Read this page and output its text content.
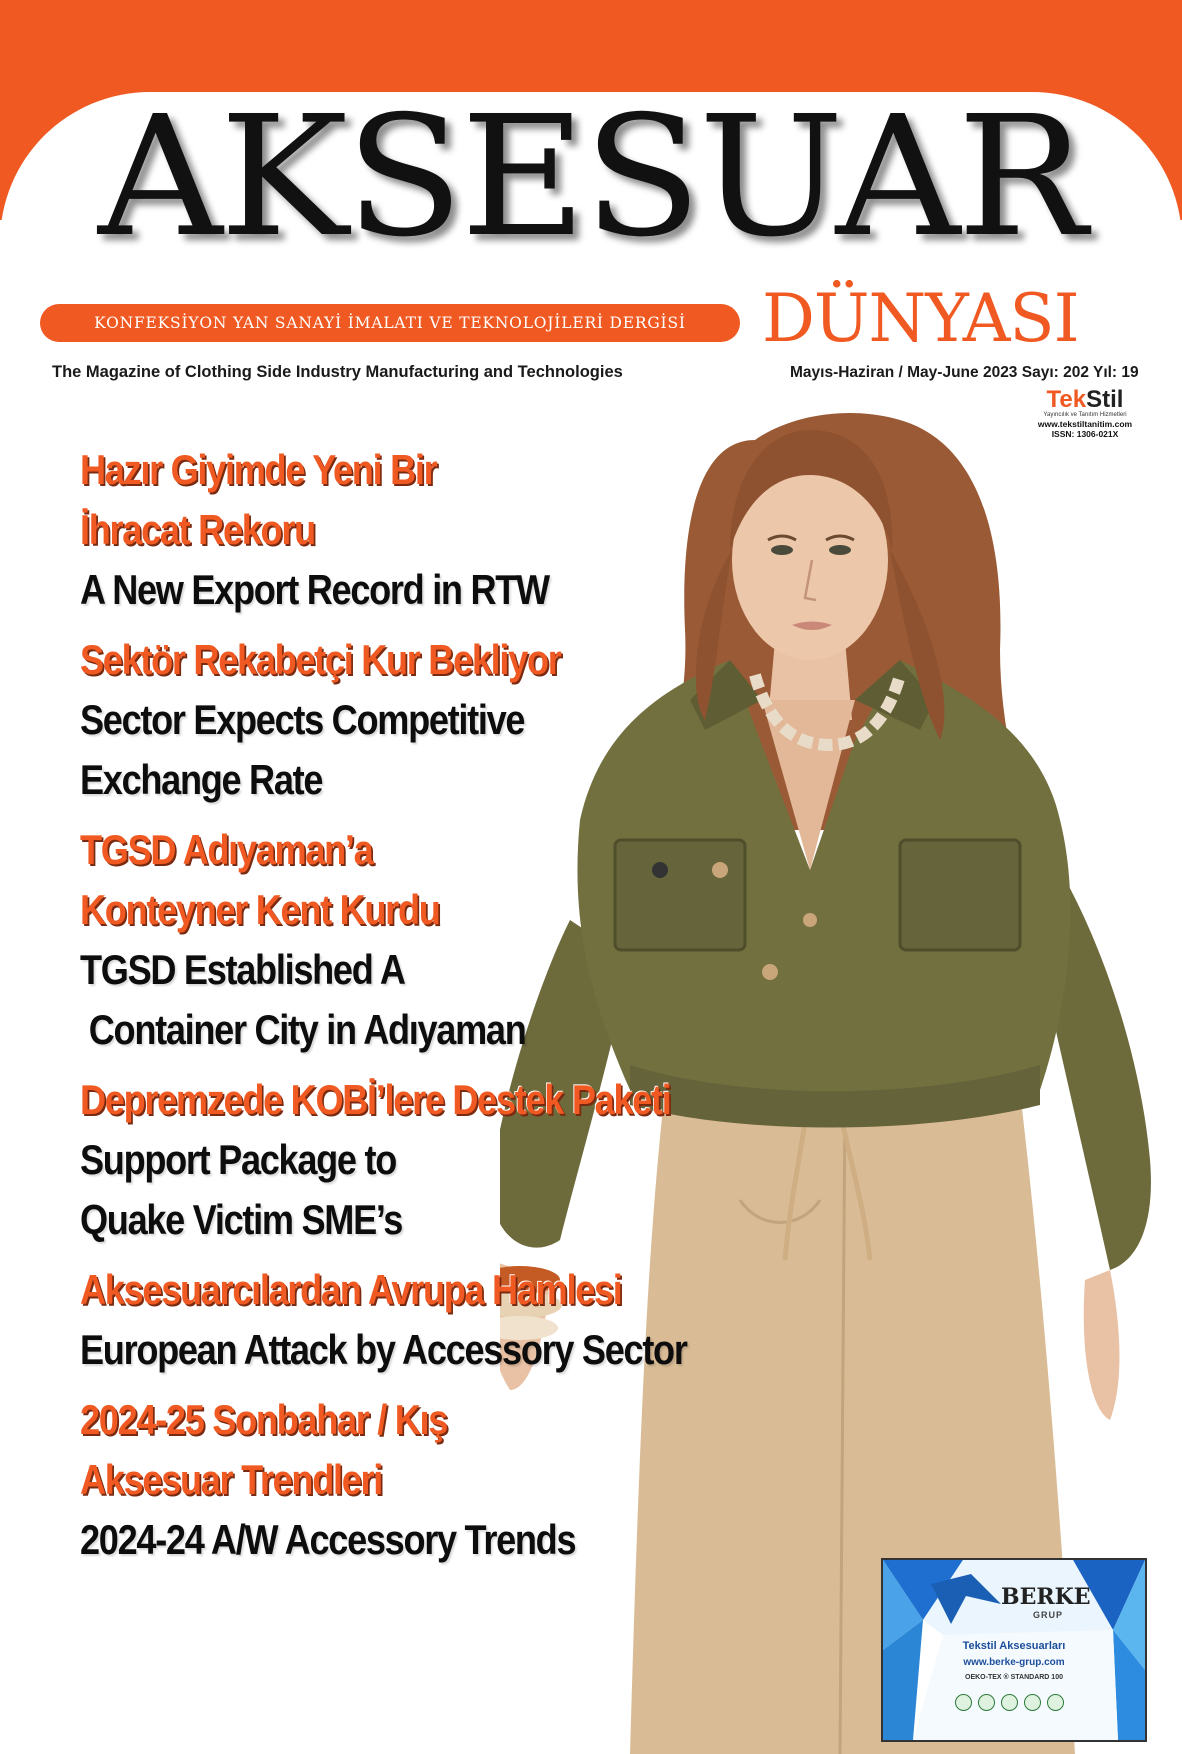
AKSESUAR
KONFEKSİYON YAN SANAYİ İMALATI VE TEKNOLOJİLERİ DERGİSİ	DÜNYASI
The Magazine of Clothing Side Industry Manufacturing and Technologies	Mayıs-Haziran / May-June 2023 Sayı: 202 Yıl: 19
TekStil
Yayıncılık ve Tanıtım Hizmetleri
www.tekstiltanitim.com
ISSN: 1306-021X
Hazır Giyimde Yeni Bir
İhracat Rekoru
A New Export Record in RTW
Sektör Rekabetçi Kur Bekliyor
Sector Expects Competitive
Exchange Rate
TGSD Adıyaman’a
Konteyner Kent Kurdu
TGSD Established A
Container City in Adıyaman
Depremzede KOBİ’lere Destek Paketi
Support Package to
Quake Victim SME’s
Aksesuarcılardan Avrupa Hamlesi
European Attack by Accessory Sector
2024-25 Sonbahar / Kış
Aksesuar Trendleri
2024-24 A/W Accessory Trends
BERKE
GRUP
Tekstil Aksesuarları
www.berke-grup.com
OEKO-TEX ® STANDARD 100
